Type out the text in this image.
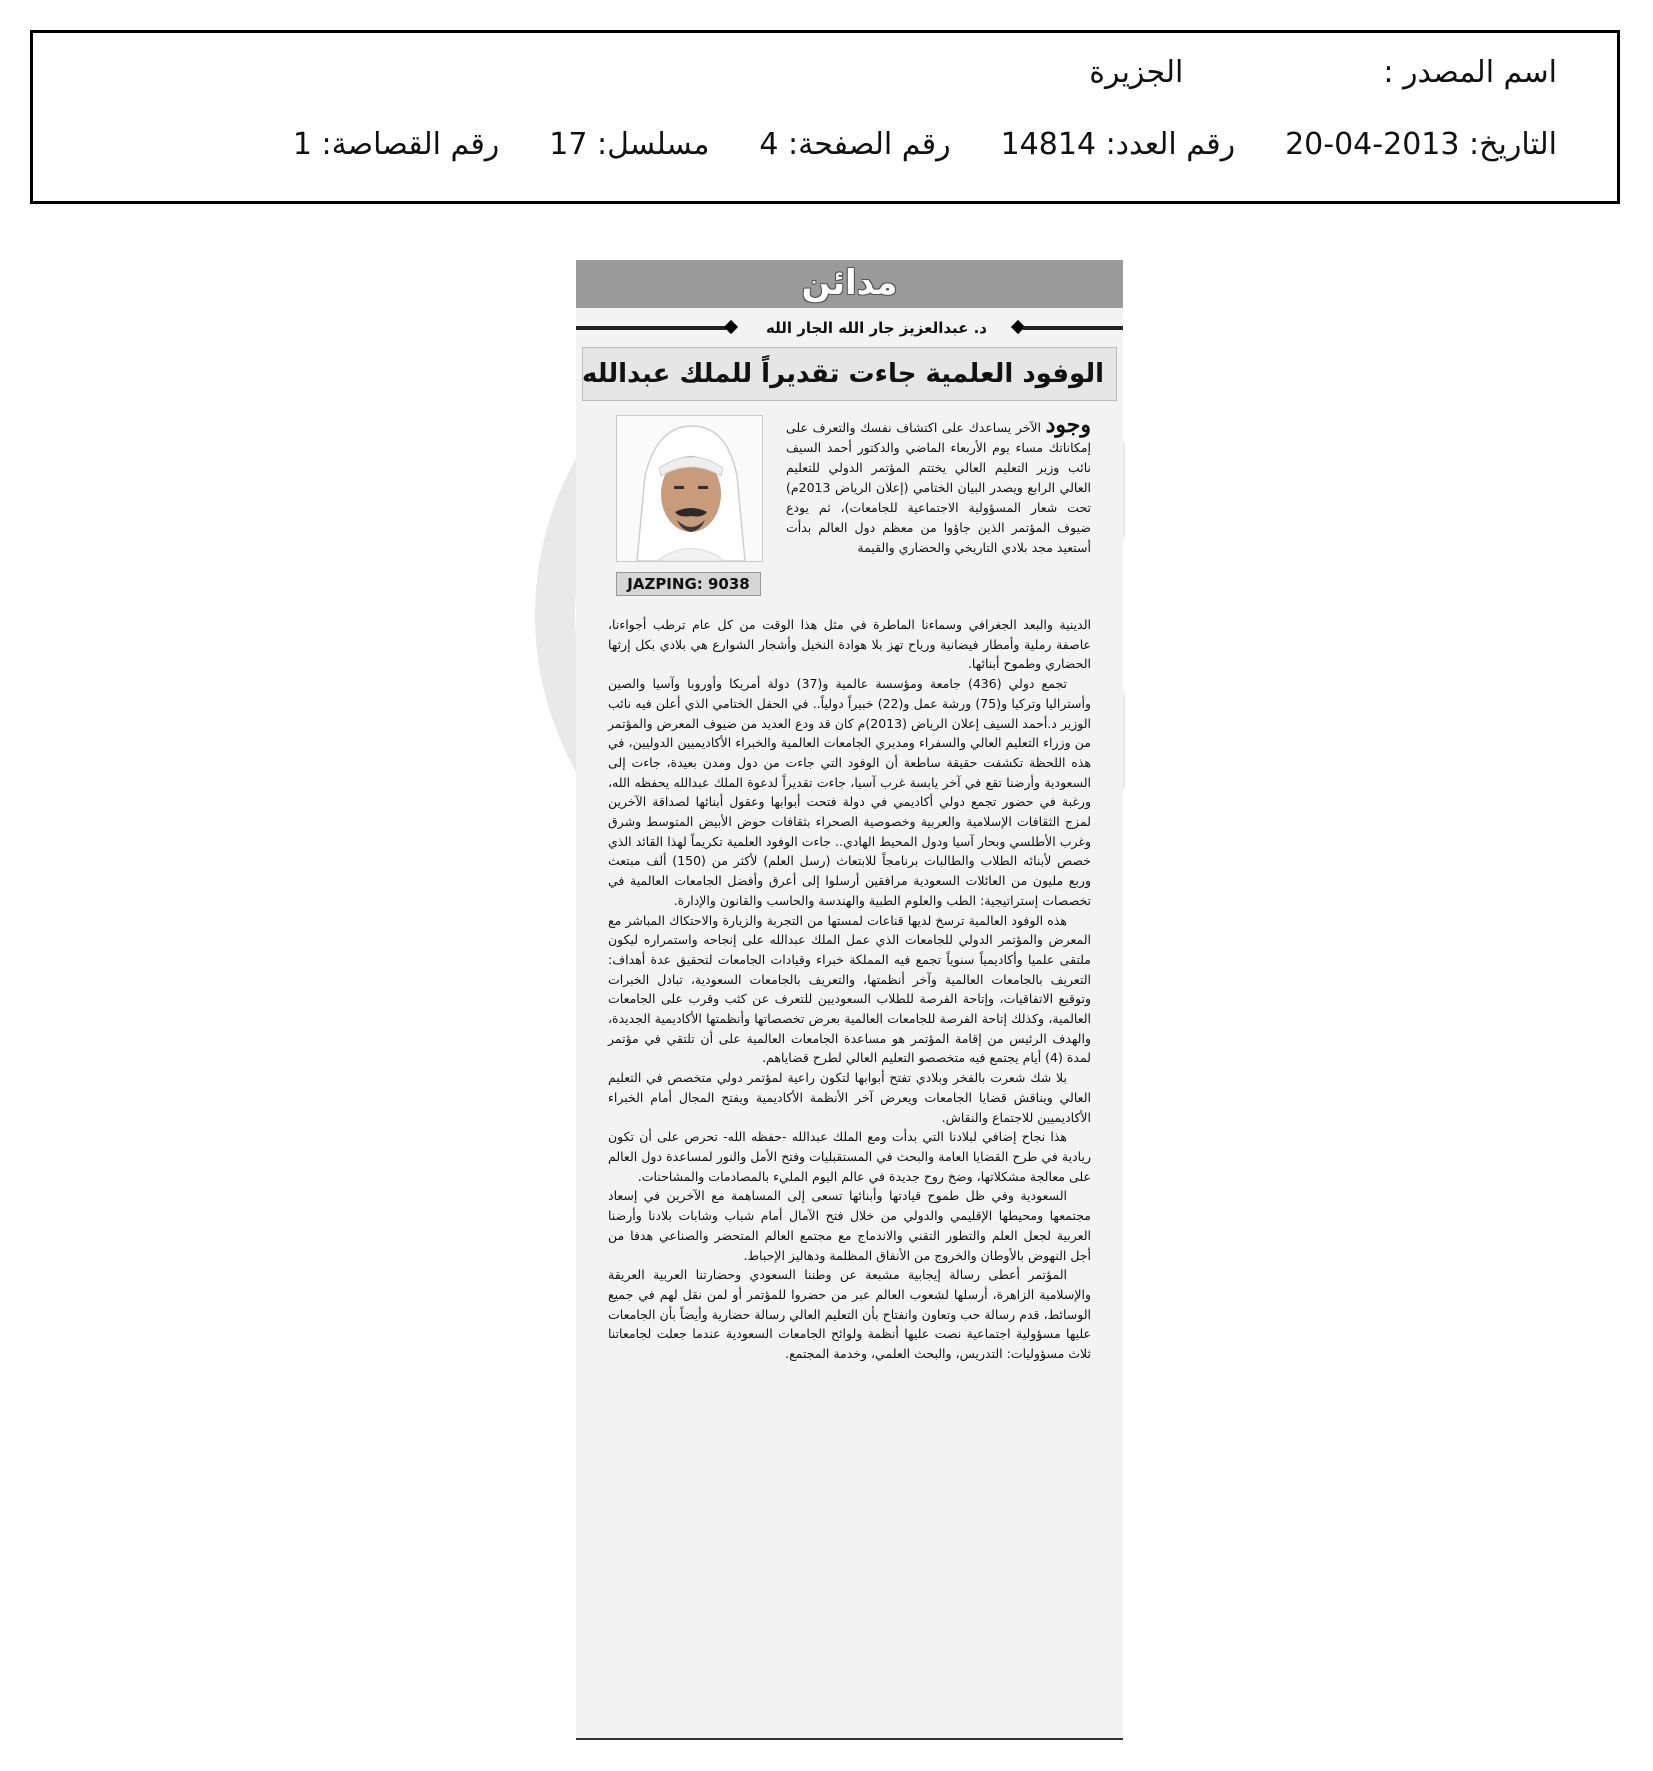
اسم المصدر :
الجزيرة
التاريخ: 2013-04-20
رقم العدد: 14814
رقم الصفحة: 4
مسلسل: 17
رقم القصاصة: 1
مدائن
د. عبدالعزيز جار الله الجار الله
الوفود العلمية جاءت تقديراً للملك عبدالله
JAZPING: 9038
وجود الآخر يساعدك على اكتشاف نفسك والتعرف على إمكاناتك مساء يوم الأربعاء الماضي والدكتور أحمد السيف نائب وزير التعليم العالي يختتم المؤتمر الدولي للتعليم العالي الرابع ويصدر البيان الختامي (إعلان الرياض 2013م) تحت شعار المسؤولية الاجتماعية للجامعات)، ثم يودع ضيوف المؤتمر الذين جاؤوا من معظم دول العالم بدأت أستعيد مجد بلادي التاريخي والحضاري والقيمة

الدينية والبعد الجغرافي وسماءنا الماطرة في مثل هذا الوقت من كل عام ترطب أجواءنا، عاصفة رملية وأمطار فيضانية ورياح تهز بلا هوادة النخيل وأشجار الشوارع هي بلادي بكل إرثها الحضاري وطموح أبنائها.

تجمع دولي (436) جامعة ومؤسسة عالمية و(37) دولة أمريكا وأوروبا وآسيا والصين وأستراليا وتركيا و(75) ورشة عمل و(22) خبيراً دولياً.. في الحفل الختامي الذي أعلن فيه نائب الوزير د.أحمد السيف إعلان الرياض (2013)م كان قد ودع العديد من ضيوف المعرض والمؤتمر من وزراء التعليم العالي والسفراء ومديري الجامعات العالمية والخبراء الأكاديميين الدوليين، في هذه اللحظة تكشفت حقيقة ساطعة أن الوفود التي جاءت من دول ومدن بعيدة، جاءت إلى السعودية وأرضنا تقع في آخر يابسة غرب آسيا، جاءت تقديراً لدعوة الملك عبدالله يحفظه الله، ورغبة في حضور تجمع دولي أكاديمي في دولة فتحت أبوابها وعقول أبنائها لصداقة الآخرين لمزج الثقافات الإسلامية والعربية وخصوصية الصحراء بثقافات حوض الأبيض المتوسط وشرق وغرب الأطلسي وبحار آسيا ودول المحيط الهادي.. جاءت الوفود العلمية تكريماً لهذا القائد الذي خصص لأبنائه الطلاب والطالبات برنامجاً للابتعاث (رسل العلم) لأكثر من (150) ألف مبتعث وربع مليون من العائلات السعودية مرافقين أرسلوا إلى أعرق وأفضل الجامعات العالمية في تخصصات إستراتيجية: الطب والعلوم الطبية والهندسة والحاسب والقانون والإدارة.

هذه الوفود العالمية ترسخ لديها قناعات لمستها من التجربة والزيارة والاحتكاك المباشر مع المعرض والمؤتمر الدولي للجامعات الذي عمل الملك عبدالله على إنجاحه واستمراره ليكون ملتقى علميا وأكاديمياً سنوياً تجمع فيه المملكة خبراء وقيادات الجامعات لتحقيق عدة أهداف: التعريف بالجامعات العالمية وآخر أنظمتها، والتعريف بالجامعات السعودية، تبادل الخبرات وتوقيع الاتفاقيات، وإتاحة الفرصة للطلاب السعوديين للتعرف عن كثب وقرب على الجامعات العالمية، وكذلك إتاحة الفرصة للجامعات العالمية بعرض تخصصاتها وأنظمتها الأكاديمية الجديدة، والهدف الرئيس من إقامة المؤتمر هو مساعدة الجامعات العالمية على أن تلتقي في مؤتمر لمدة (4) أيام يجتمع فيه متخصصو التعليم العالي لطرح قضاياهم.

بلا شك شعرت بالفخر وبلادي تفتح أبوابها لتكون راعية لمؤتمر دولي متخصص في التعليم العالي ويناقش قضايا الجامعات ويعرض آخر الأنظمة الأكاديمية ويفتح المجال أمام الخبراء الأكاديميين للاجتماع والنقاش.

هذا نجاح إضافي لبلادنا التي بدأت ومع الملك عبدالله -حفظه الله- تحرص على أن تكون ريادية في طرح القضايا العامة والبحث في المستقبليات وفتح الأمل والنور لمساعدة دول العالم على معالجة مشكلاتها، وضخ روح جديدة في عالم اليوم المليء بالمصادمات والمشاحنات.

السعودية وفي ظل طموح قيادتها وأبنائها تسعى إلى المساهمة مع الآخرين في إسعاد مجتمعها ومحيطها الإقليمي والدولي من خلال فتح الآمال أمام شباب وشابات بلادنا وأرضنا العربية لجعل العلم والتطور التقني والاندماج مع مجتمع العالم المتحضر والصناعي هدفا من أجل النهوض بالأوطان والخروج من الأنفاق المظلمة ودهاليز الإحباط.

المؤتمر أعطى رسالة إيجابية مشبعة عن وطننا السعودي وحضارتنا العربية العريقة والإسلامية الزاهرة، أرسلها لشعوب العالم عبر من حضروا للمؤتمر أو لمن نقل لهم في جميع الوسائط، قدم رسالة حب وتعاون وانفتاح بأن التعليم العالي رسالة حضارية وأيضاً بأن الجامعات عليها مسؤولية اجتماعية نصت عليها أنظمة ولوائح الجامعات السعودية عندما جعلت لجامعاتنا ثلاث مسؤوليات: التدريس، والبحث العلمي، وخدمة المجتمع.
